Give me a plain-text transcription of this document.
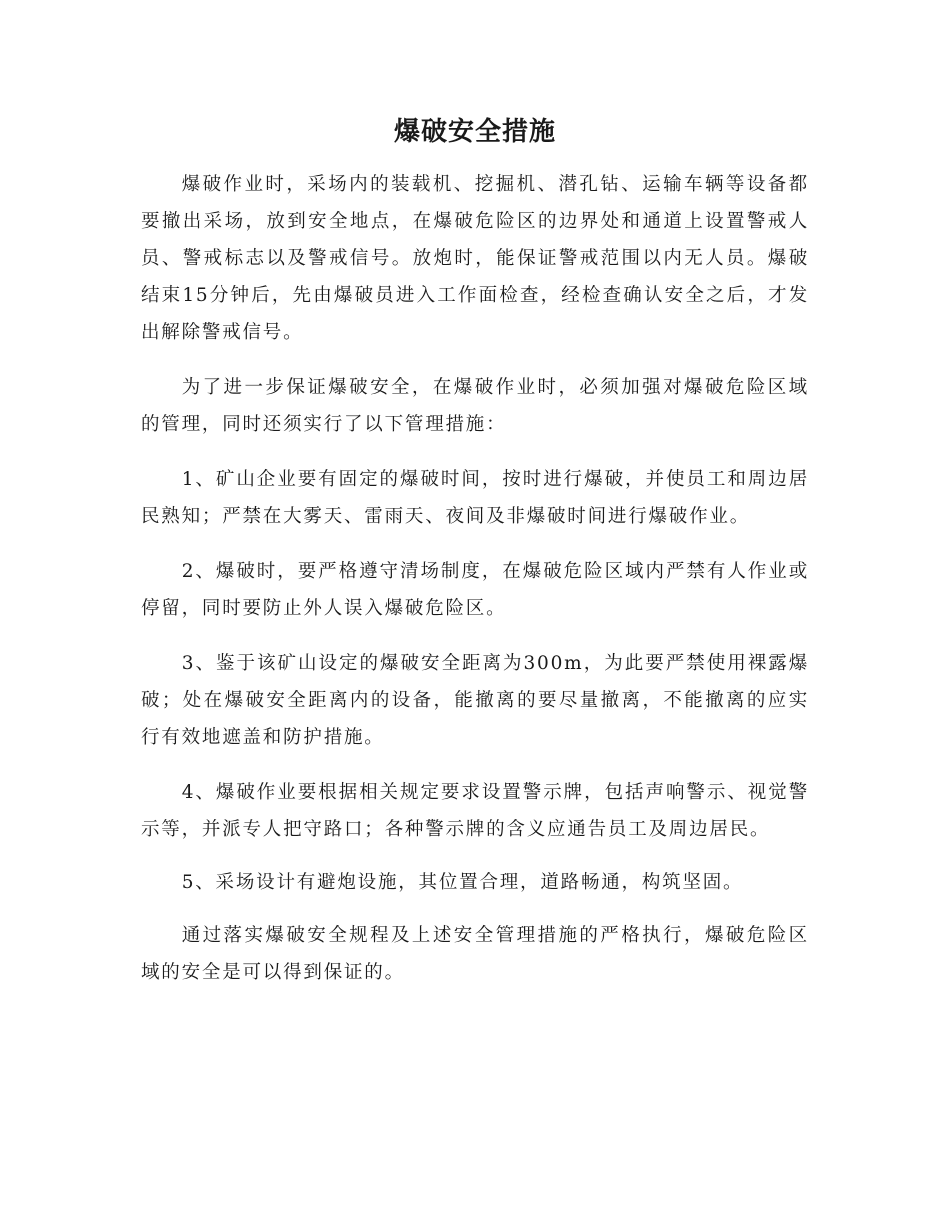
爆破安全措施

爆破作业时，采场内的装载机、挖掘机、潜孔钻、运输车辆等设备都要撤出采场，放到安全地点，在爆破危险区的边界处和通道上设置警戒人员、警戒标志以及警戒信号。放炮时，能保证警戒范围以内无人员。爆破结束15分钟后，先由爆破员进入工作面检查，经检查确认安全之后，才发出解除警戒信号。

为了进一步保证爆破安全，在爆破作业时，必须加强对爆破危险区域的管理，同时还须实行了以下管理措施：

1、矿山企业要有固定的爆破时间，按时进行爆破，并使员工和周边居民熟知；严禁在大雾天、雷雨天、夜间及非爆破时间进行爆破作业。

2、爆破时，要严格遵守清场制度，在爆破危险区域内严禁有人作业或停留，同时要防止外人误入爆破危险区。

3、鉴于该矿山设定的爆破安全距离为300m，为此要严禁使用裸露爆破；处在爆破安全距离内的设备，能撤离的要尽量撤离，不能撤离的应实行有效地遮盖和防护措施。

4、爆破作业要根据相关规定要求设置警示牌，包括声响警示、视觉警示等，并派专人把守路口；各种警示牌的含义应通告员工及周边居民。

5、采场设计有避炮设施，其位置合理，道路畅通，构筑坚固。

通过落实爆破安全规程及上述安全管理措施的严格执行，爆破危险区域的安全是可以得到保证的。
